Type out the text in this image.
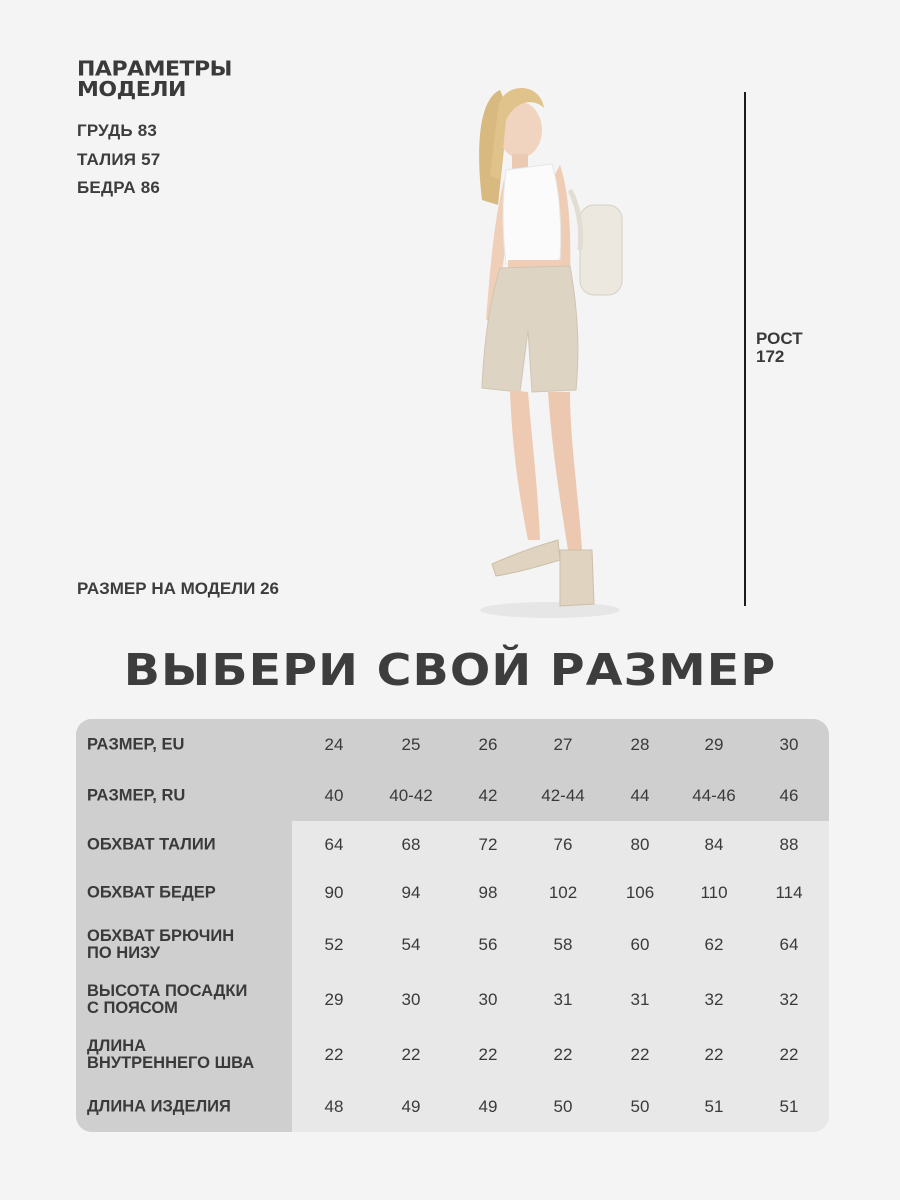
ПАРАМЕТРЫ
МОДЕЛИ
ГРУДЬ 83
ТАЛИЯ 57
БЕДРА 86
РАЗМЕР НА МОДЕЛИ 26
РОСТ
172
ВЫБЕРИ СВОЙ РАЗМЕР
РАЗМЕР, EU	24	25	26	27	28	29	30
РАЗМЕР, RU	40	40-42	42	42-44	44	44-46	46
ОБХВАТ ТАЛИИ	64	68	72	76	80	84	88
ОБХВАТ БЕДЕР	90	94	98	102	106	110	114
ОБХВАТ БРЮЧИН
ПО НИЗУ	52	54	56	58	60	62	64
ВЫСОТА ПОСАДКИ
С ПОЯСОМ	29	30	30	31	31	32	32
ДЛИНА
ВНУТРЕННЕГО ШВА	22	22	22	22	22	22	22
ДЛИНА ИЗДЕЛИЯ	48	49	49	50	50	51	51
